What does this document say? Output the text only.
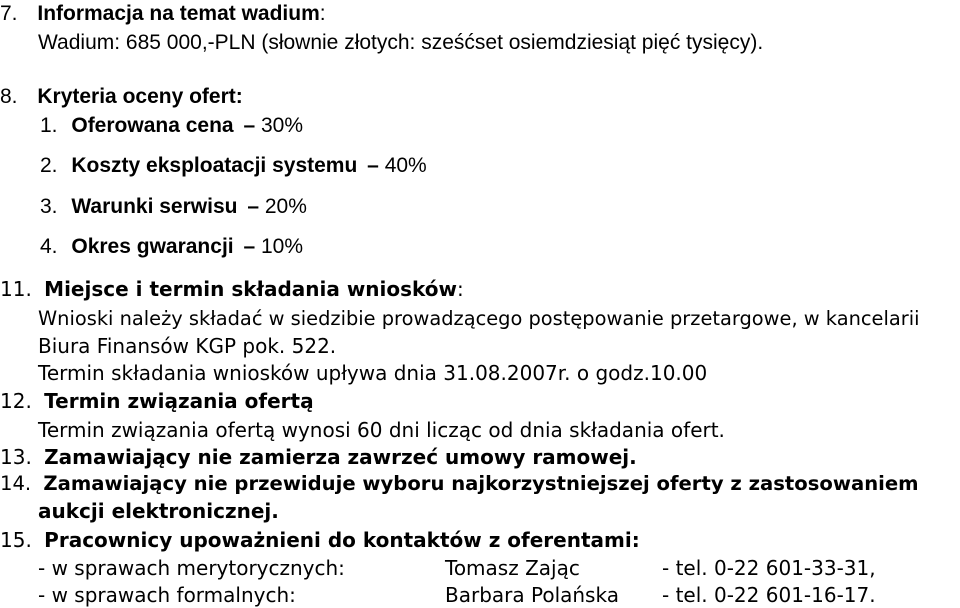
7. Informacja na temat wadium:
Wadium: 685 000,-PLN (słownie złotych: sześćset osiemdziesiąt pięć tysięcy).
8. Kryteria oceny ofert:
1. Oferowana cena – 30%
2. Koszty eksploatacji systemu – 40%
3. Warunki serwisu – 20%
4. Okres gwarancji – 10%
11. Miejsce i termin składania wniosków:
Wnioski należy składać w siedzibie prowadzącego postępowanie przetargowe, w kancelarii
Biura Finansów KGP pok. 522.
Termin składania wniosków upływa dnia 31.08.2007r. o godz.10.00
12. Termin związania ofertą
Termin związania ofertą wynosi 60 dni licząc od dnia składania ofert.
13. Zamawiający nie zamierza zawrzeć umowy ramowej.
14. Zamawiający nie przewiduje wyboru najkorzystniejszej oferty z zastosowaniem
aukcji elektronicznej.
15. Pracownicy upoważnieni do kontaktów z oferentami:
- w sprawach merytorycznych:	Tomasz Zając	- tel. 0-22 601-33-31,
- w sprawach formalnych:	Barbara Polańska - tel. 0-22 601-16-17.
